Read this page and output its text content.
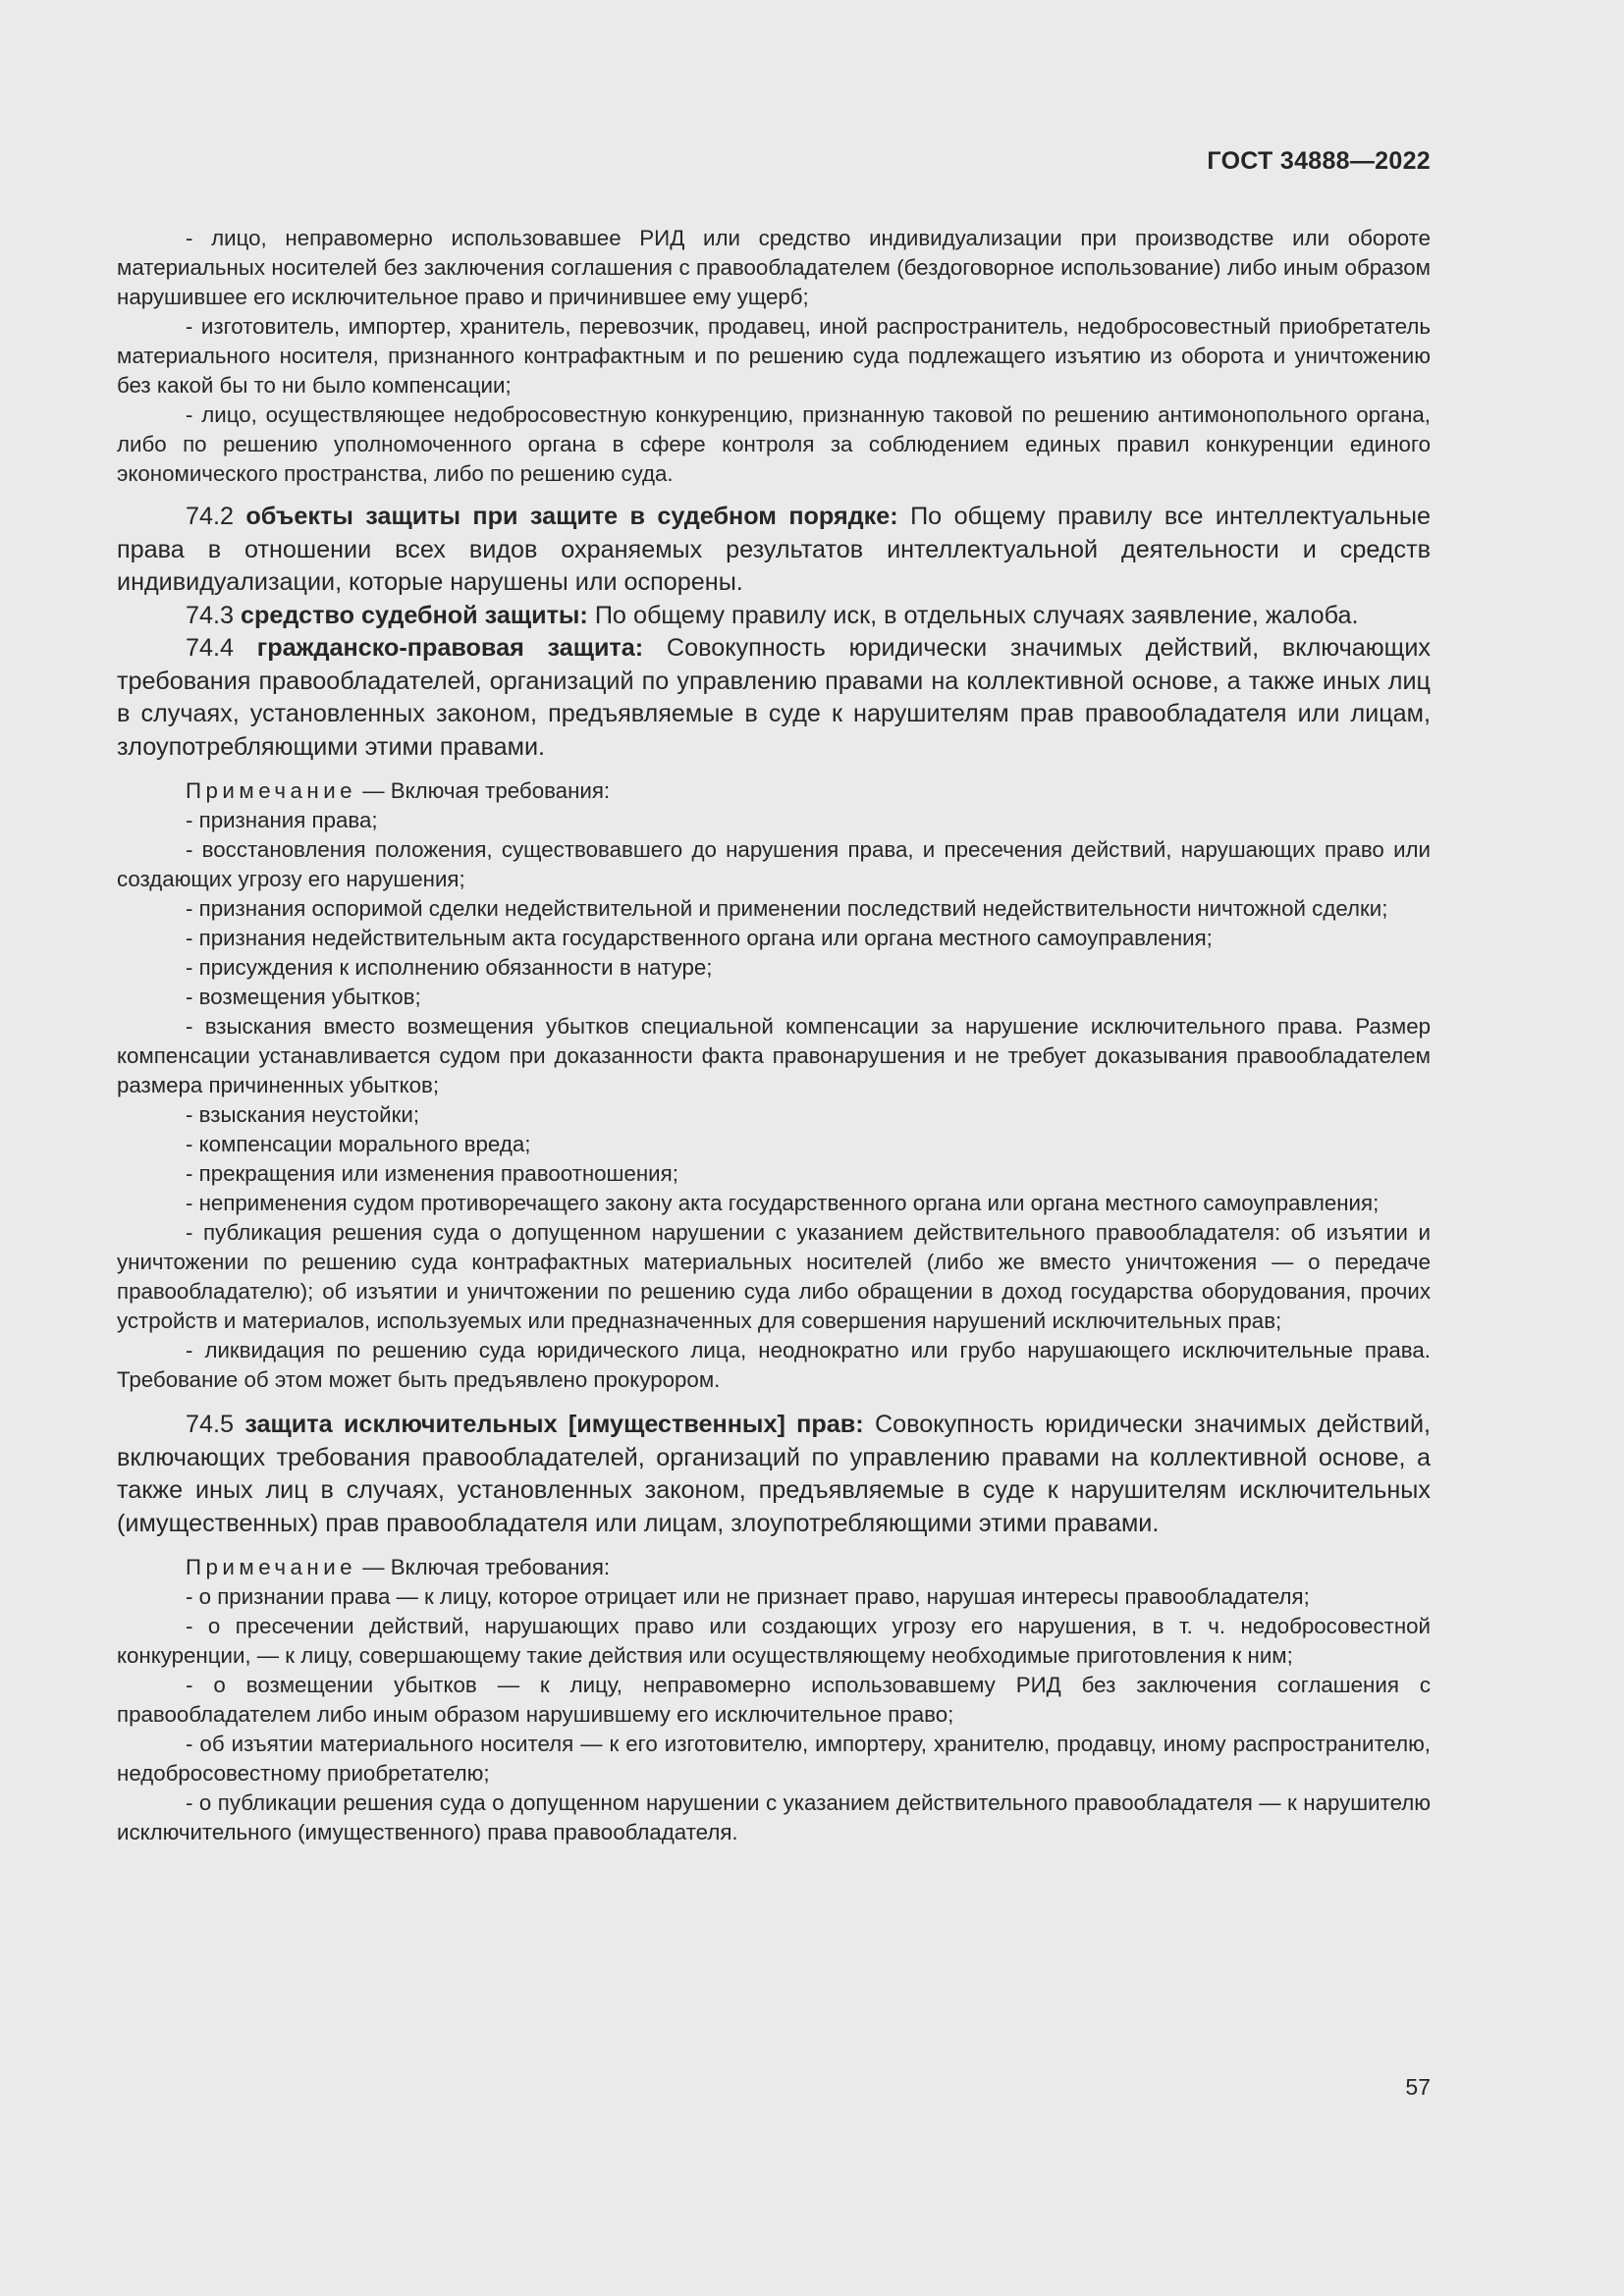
ГОСТ 34888—2022

- лицо, неправомерно использовавшее РИД или средство индивидуализации при производстве или обороте материальных носителей без заключения соглашения с правообладателем (бездоговорное использование) либо иным образом нарушившее его исключительное право и причинившее ему ущерб;

- изготовитель, импортер, хранитель, перевозчик, продавец, иной распространитель, недобросовестный приобретатель материального носителя, признанного контрафактным и по решению суда подлежащего изъятию из оборота и уничтожению без какой бы то ни было компенсации;

- лицо, осуществляющее недобросовестную конкуренцию, признанную таковой по решению антимонопольного органа, либо по решению уполномоченного органа в сфере контроля за соблюдением единых правил конкуренции единого экономического пространства, либо по решению суда.

74.2 объекты защиты при защите в судебном порядке: По общему правилу все интеллектуальные права в отношении всех видов охраняемых результатов интеллектуальной деятельности и средств индивидуализации, которые нарушены или оспорены.

74.3 средство судебной защиты: По общему правилу иск, в отдельных случаях заявление, жалоба.

74.4 гражданско-правовая защита: Совокупность юридически значимых действий, включающих требования правообладателей, организаций по управлению правами на коллективной основе, а также иных лиц в случаях, установленных законом, предъявляемые в суде к нарушителям прав правообладателя или лицам, злоупотребляющими этими правами.

Примечание — Включая требования:

- признания права;

- восстановления положения, существовавшего до нарушения права, и пресечения действий, нарушающих право или создающих угрозу его нарушения;

- признания оспоримой сделки недействительной и применении последствий недействительности ничтожной сделки;

- признания недействительным акта государственного органа или органа местного самоуправления;

- присуждения к исполнению обязанности в натуре;

- возмещения убытков;

- взыскания вместо возмещения убытков специальной компенсации за нарушение исключительного права. Размер компенсации устанавливается судом при доказанности факта правонарушения и не требует доказывания правообладателем размера причиненных убытков;

- взыскания неустойки;

- компенсации морального вреда;

- прекращения или изменения правоотношения;

- неприменения судом противоречащего закону акта государственного органа или органа местного самоуправления;

- публикация решения суда о допущенном нарушении с указанием действительного правообладателя: об изъятии и уничтожении по решению суда контрафактных материальных носителей (либо же вместо уничтожения — о передаче правообладателю); об изъятии и уничтожении по решению суда либо обращении в доход государства оборудования, прочих устройств и материалов, используемых или предназначенных для совершения нарушений исключительных прав;

- ликвидация по решению суда юридического лица, неоднократно или грубо нарушающего исключительные права. Требование об этом может быть предъявлено прокурором.

74.5 защита исключительных [имущественных] прав: Совокупность юридически значимых действий, включающих требования правообладателей, организаций по управлению правами на коллективной основе, а также иных лиц в случаях, установленных законом, предъявляемые в суде к нарушителям исключительных (имущественных) прав правообладателя или лицам, злоупотребляющими этими правами.

Примечание — Включая требования:

- о признании права — к лицу, которое отрицает или не признает право, нарушая интересы правообладателя;

- о пресечении действий, нарушающих право или создающих угрозу его нарушения, в т. ч. недобросовестной конкуренции, — к лицу, совершающему такие действия или осуществляющему необходимые приготовления к ним;

- о возмещении убытков — к лицу, неправомерно использовавшему РИД без заключения соглашения с правообладателем либо иным образом нарушившему его исключительное право;

- об изъятии материального носителя — к его изготовителю, импортеру, хранителю, продавцу, иному распространителю, недобросовестному приобретателю;

- о публикации решения суда о допущенном нарушении с указанием действительного правообладателя — к нарушителю исключительного (имущественного) права правообладателя.

57
